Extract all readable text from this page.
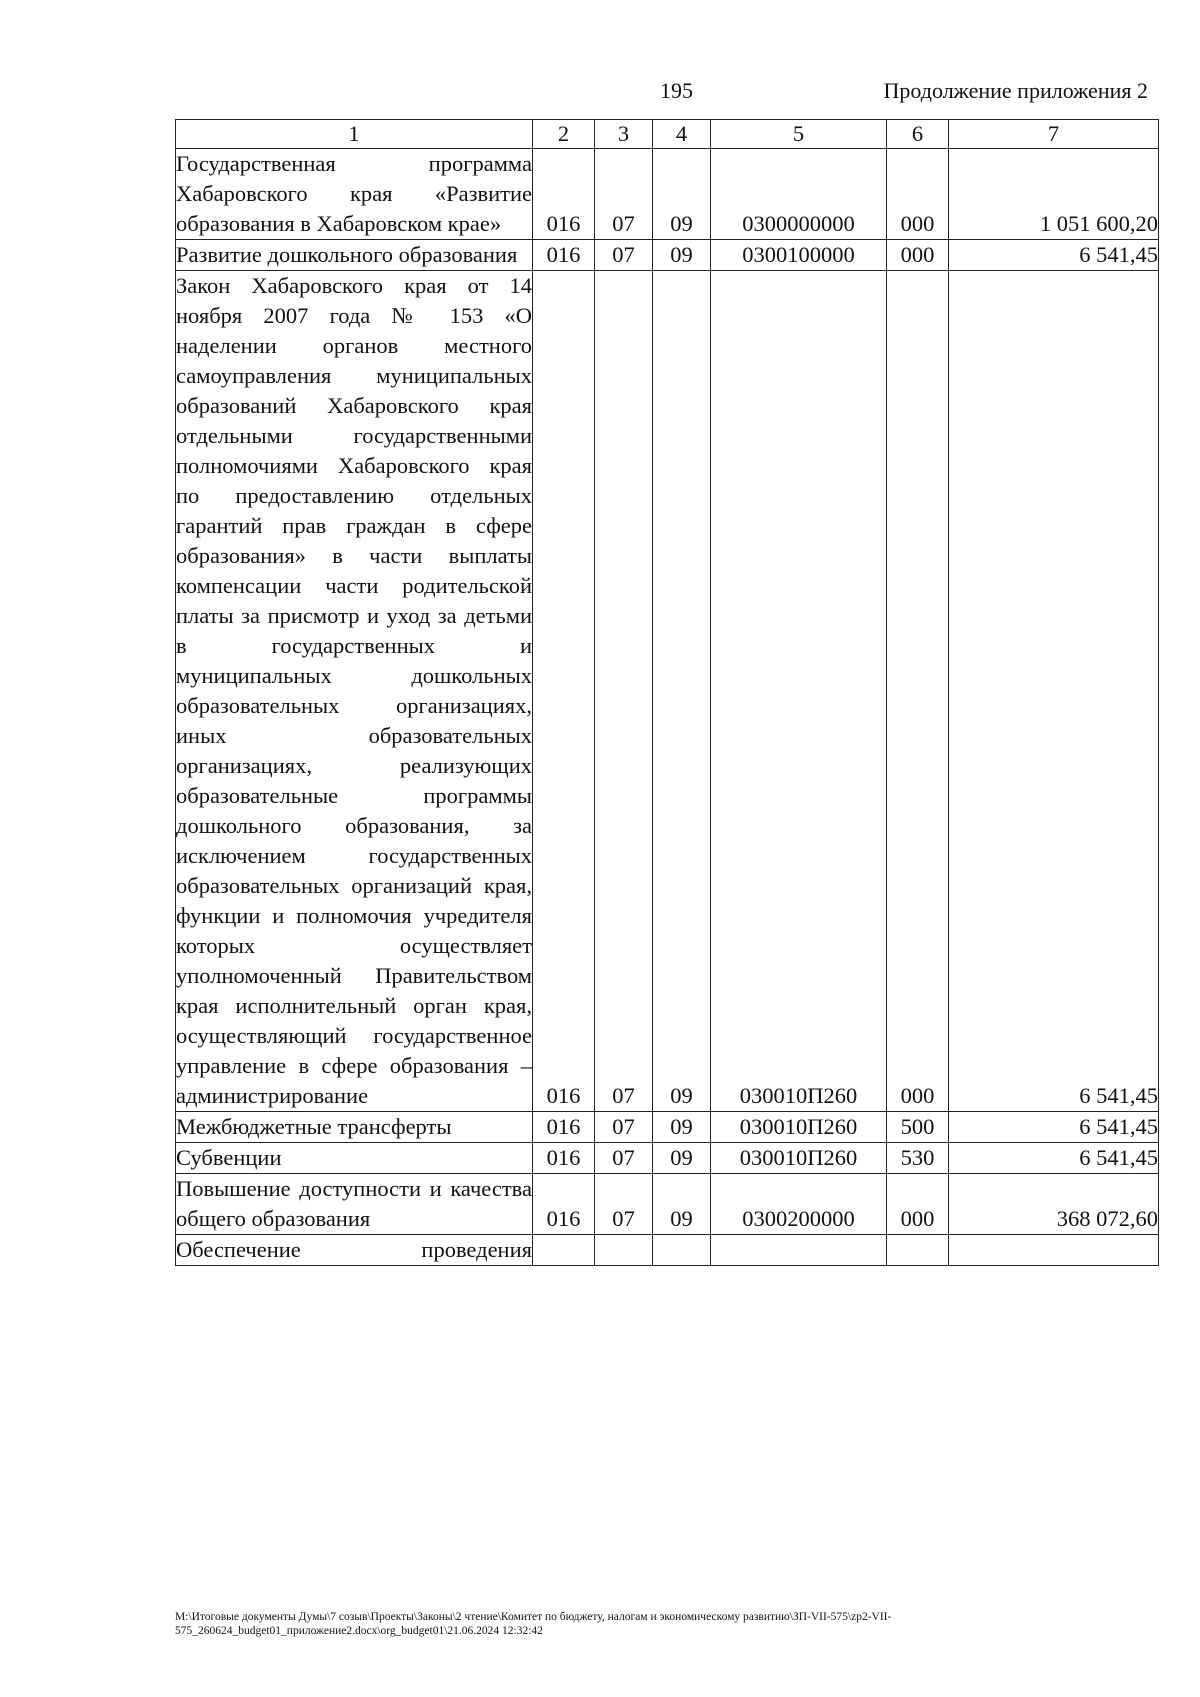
195	Продолжение приложения 2
1	2	3	4	5	6	7
Государственная программа Хабаровского края «Развитие образования в Хабаровском крае»	016	07	09	0300000000	000	1 051 600,20
Развитие дошкольного образования	016	07	09	0300100000	000	6 541,45
Закон Хабаровского края от 14 ноября 2007 года № 153 «О наделении органов местного самоуправления муниципальных образований Хабаровского края отдельными государственными полномочиями Хабаровского края по предоставлению отдельных гарантий прав граждан в сфере образования» в части выплаты компенсации части родительской платы за присмотр и уход за детьми в государственных и муниципальных дошкольных образовательных организациях, иных образовательных организациях, реализующих образовательные программы дошкольного образования, за исключением государственных образовательных организаций края, функции и полномочия учредителя которых осуществляет уполномоченный Правительством края исполнительный орган края, осуществляющий государственное управление в сфере образования – администрирование	016	07	09	030010П260	000	6 541,45
Межбюджетные трансферты	016	07	09	030010П260	500	6 541,45
Субвенции	016	07	09	030010П260	530	6 541,45
Повышение доступности и качества общего образования	016	07	09	0300200000	000	368 072,60
Обеспечение проведения						
M:\Итоговые документы Думы\7 созыв\Проекты\Законы\2 чтение\Комитет по бюджету, налогам и экономическому развитию\ЗП-VII-575\zp2-VII-575_260624_budget01_приложение2.docx\org_budget01\21.06.2024 12:32:42
